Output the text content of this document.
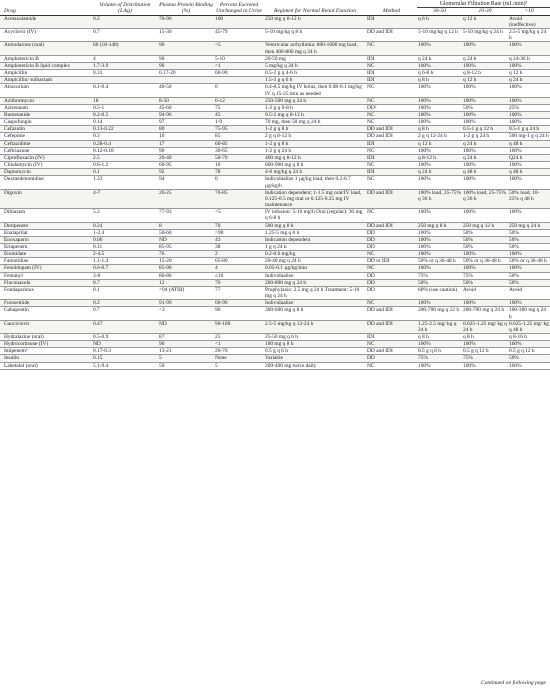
Drug	Volume of Distribution (L/kg)	Plasma Protein Binding (%)	Percent Excreted Unchanged in Urine	Regimen for Normal Renal Function	Method	Glomerular Filtration Rate (mL/min)²		
						30-50	10-30	<10
Acetazolamide	0.2	70-90	100	250 mg q 6-12 h	IDI	q 6 h	q 12 h	Avoid (ineffective)
Acyclovir (IV)	0.7	15-30	45-79	5-10 mg/kg q 8 h	DD and IDI	5-10 mg/kg q 12 h	5-10 mg/kg q 24 h	2.5-5 mg/kg q 24 h
Amiodarone (oral)	60 (18-148)	96	<5	Ventricular arrhythmia: 800-1600 mg load, then 400-800 mg q 24 h	NC	100%	100%	100%
Amphotericin B	4	90	5-10	20-50 mg	IDI	q 24 h	q 24 h	q 24-36 h
Amphotericin B lipid complex	1.7-3.9	90	<1	5 mg/kg q 24 h	NC	100%	100%	100%
Ampicillin	0.31	0.17-20	60-90	0.5-2 g q 4-6 h	IDI	q 6-8 h	q 8-12 h	q 12 h
Ampicillin/ sulbactam				1.5-3 g q 6 h	IDI	q 8 h	q 12 h	q 24 h
Atracurium	0.1-0.4	40-50	0	0.4-0.5 mg/kg IV bolus, then 0.08-0.1 mg/kg IV q 15-25 min as needed	NC	100%	100%	100%
Azithromycin	18	8-50	6-12	250-500 mg q 24 h	NC	100%	100%	100%
Aztreonam	0.5-1	45-60	75	1-2 g q 6-8 h	DD²	100%	50%	25%
Bumetanide	0.2-0.5	94-96	45	0.5-2 mg q 8-12 h	NC	100%	100%	100%
Caspofungin	0.14	97	1-9	70 mg, then 50 mg q 24 h	NC	100%	100%	100%
Cefazolin	0.13-0.22	80	75-95	1-2 g q 8 h	DD and IDI	q 8 h	0.5-1 g q 12 h	0.5-1 g q 24 h
Cefepime	0.3	16	85	2 g q 8-12 h	DD and IDI	2 g q 12-24 h	1-2 g q 24 h	500 mg-1 g q 24 h
Ceftazidime	0.28-0.4	17	60-85	1-2 g q 8 h	IDI	q 12 h	q 24 h	q 48 h
Ceftriaxone	0.12-0.18	90	30-65	1-2 g q 24 h	NC	100%	100%	100%
Ciprofloxacin (IV)	2.5	20-40	50-70	400 mg q 8-12 h	IDI	q 8-12 h	q 24 h	Q24 h
Clindamycin (IV)	0.6-1.2	60-95	10	600-900 mg q 8 h	NC	100%	100%	100%
Daptomycin	0.1	92	78	4-6 mg/kg q 24 h	IDI	q 24 h	q 48 h	q 48 h
Dexmedetomidine	1.33	94	0	Individualize 1 µg/kg load, then 0.2-0.7 µg/kg/h	NC	100%	100%	100%
Digoxin	4-7	20-25	76-85	Indication dependent; 1-1.5 mg oral/IV load, 0.125-0.5 mg oral or 0.125-0.25 mg IV maintenance	DD and IDI	100% load, 25-75% q 36 h	100% load, 25-75% q 36 h	50% load, 10-25% q 48 h
Diltiazem	5.3	77-93	<5	IV infusion: 5-10 mg/h Oral (regular): 30 mg q 6-8 h	NC	100%	100%	100%
Doripenem	0.24	8	70	500 mg q 8 h	DD and IDI	250 mg q 8 h	250 mg q 12 h	250 mg q 24 h
Enalaprilat	1-2.4	50-60	>90	1.25-5 mg q 6 h	DD	100%	50%	50%
Enoxaparin	0.06	ND	43	Indication dependent	DD	100%	50%	50%
Ertapenem	0.11	85-95	38	1 g q 24 h	DD	100%	50%	50%
Etomidate	2-4.5	76	2	0.2-0.6 mg/kg	NC	100%	100%	100%
Famotidine	1.1-1.4	15-20	65-80	20-40 mg q 24 h	DD or IDI	50% or q 36-48 h	50% or q 36-48 h	50% or q 36-48 h
Fenoldopam (IV)	0.6-0.7	85-90	4	0.05-0.1 µg/kg/min	NC	100%	100%	100%
Fentanyl	3-8	80-86	≤10	Individualize	DD	75%	75%	50%
Fluconazole	0.7	12	70	200-800 mg q 24 h	DD	50%	50%	50%
Fondaparinux	0.1	>94 (ATIII)	77	Prophylaxis: 2.5 mg q 24 h Treatment: 5-10 mg q 24 h	DD	60% (use caution)	Avoid	Avoid
Furosemide	0.2	91-99	60-90	Individualize	NC	100%	100%	100%
Gabapentin	0.7	<3	90	300-600 mg q 8 h	DD and IDI	200-700 mg q 12 h	200-700 mg q 24 h	100-300 mg q 24 h
Ganciclovir	0.47	ND	90-100	2.5-5 mg/kg q 12-24 h	DD and IDI	1.25-2.5 mg/ kg q 24 h	0.625-1.25 mg/ kg q 24 h	0.625-1.25 mg/ kg q 48 h
Hydralazine (oral)	0.5-0.9	87	25	25-50 mg q 6 h	IDI	q 8 h	q 8 h	q 8-16 h
Hydrocortisone (IV)	ND	90	<1	100 mg q 8 h	NC	100%	100%	100%
Imipenem³	0.17-0.3	13-21	20-70	0.5 g q 6 h	DD and IDI	0.5 g q 8 h	0.5 g q 12 h	0.5 g q 12 h
Insulin	0.15	5	None	Variable	DD	75%	75%	50%
Labetalol (oral)	5.1-9.4	50	5	200-400 mg twice daily	NC	100%	100%	100%
Continued on following page
